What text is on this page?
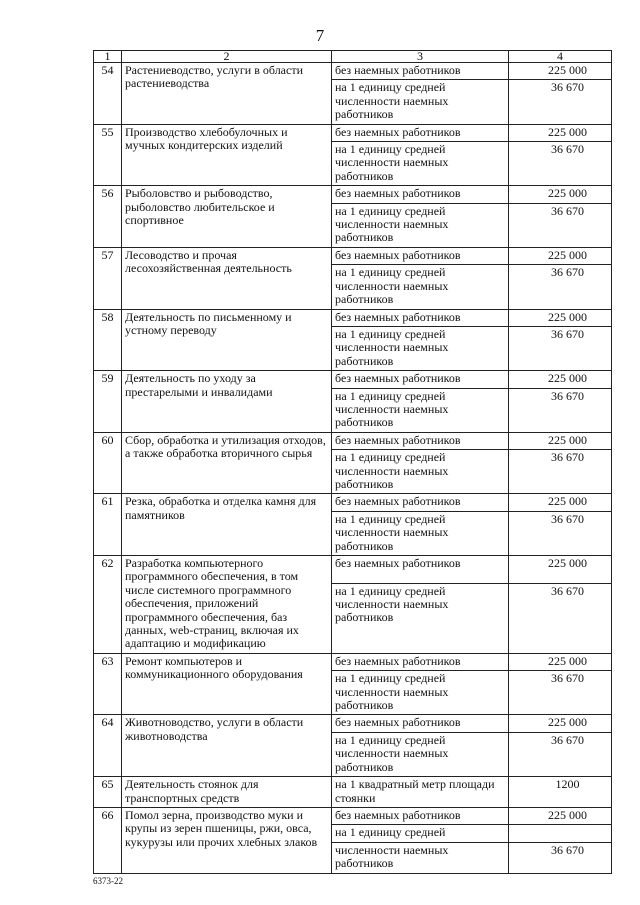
7
1	2	3	4
54	Растениеводство, услуги в области растениеводства	без наемных работников	225 000
		на 1 единицу средней численности наемных работников	36 670
55	Производство хлебобулочных и мучных кондитерских изделий	без наемных работников	225 000
		на 1 единицу средней численности наемных работников	36 670
56	Рыболовство и рыбоводство, рыболовство любительское и спортивное	без наемных работников	225 000
		на 1 единицу средней численности наемных работников	36 670
57	Лесоводство и прочая лесохозяйственная деятельность	без наемных работников	225 000
		на 1 единицу средней численности наемных работников	36 670
58	Деятельность по письменному и устному переводу	без наемных работников	225 000
		на 1 единицу средней численности наемных работников	36 670
59	Деятельность по уходу за престарелыми и инвалидами	без наемных работников	225 000
		на 1 единицу средней численности наемных работников	36 670
60	Сбор, обработка и утилизация отходов, а также обработка вторичного сырья	без наемных работников	225 000
		на 1 единицу средней численности наемных работников	36 670
61	Резка, обработка и отделка камня для памятников	без наемных работников	225 000
		на 1 единицу средней численности наемных работников	36 670
62	Разработка компьютерного программного обеспечения, в том числе системного программного обеспечения, приложений программного обеспечения, баз данных, web-страниц, включая их адаптацию и модификацию	без наемных работников	225 000
		на 1 единицу средней численности наемных работников	36 670
63	Ремонт компьютеров и коммуникационного оборудования	без наемных работников	225 000
		на 1 единицу средней численности наемных работников	36 670
64	Животноводство, услуги в области животноводства	без наемных работников	225 000
		на 1 единицу средней численности наемных работников	36 670
65	Деятельность стоянок для транспортных средств	на 1 квадратный метр площади стоянки	1200
66	Помол зерна, производство муки и крупы из зерен пшеницы, ржи, овса, кукурузы или прочих хлебных злаков	без наемных работников	225 000
		на 1 единицу средней	
		численности наемных работников	36 670
6373-22
